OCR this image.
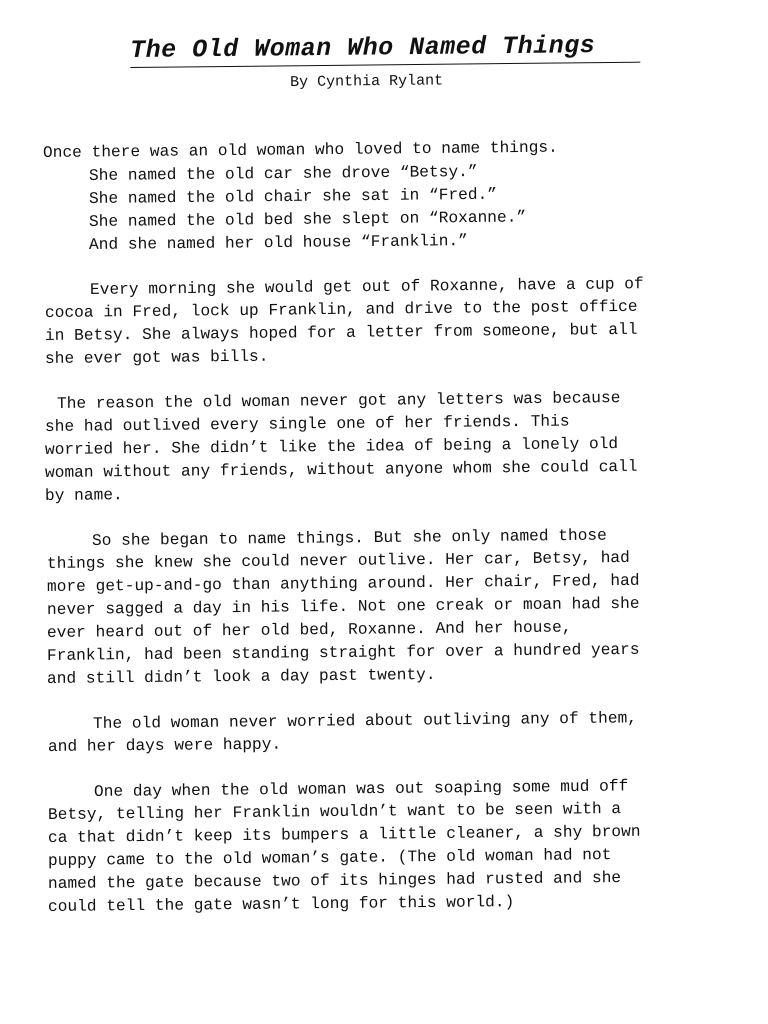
The Old Woman Who Named Things
By Cynthia Rylant
Once there was an old woman who loved to name things.
She named the old car she drove “Betsy.”
She named the old chair she sat in “Fred.”
She named the old bed she slept on “Roxanne.”
And she named her old house “Franklin.”
Every morning she would get out of Roxanne, have a cup of
cocoa in Fred, lock up Franklin, and drive to the post office
in Betsy. She always hoped for a letter from someone, but all
she ever got was bills.
The reason the old woman never got any letters was because
she had outlived every single one of her friends. This
worried her. She didn’t like the idea of being a lonely old
woman without any friends, without anyone whom she could call
by name.
So she began to name things. But she only named those
things she knew she could never outlive. Her car, Betsy, had
more get-up-and-go than anything around. Her chair, Fred, had
never sagged a day in his life. Not one creak or moan had she
ever heard out of her old bed, Roxanne. And her house,
Franklin, had been standing straight for over a hundred years
and still didn’t look a day past twenty.
The old woman never worried about outliving any of them,
and her days were happy.
One day when the old woman was out soaping some mud off
Betsy, telling her Franklin wouldn’t want to be seen with a
ca that didn’t keep its bumpers a little cleaner, a shy brown
puppy came to the old woman’s gate. (The old woman had not
named the gate because two of its hinges had rusted and she
could tell the gate wasn’t long for this world.)
